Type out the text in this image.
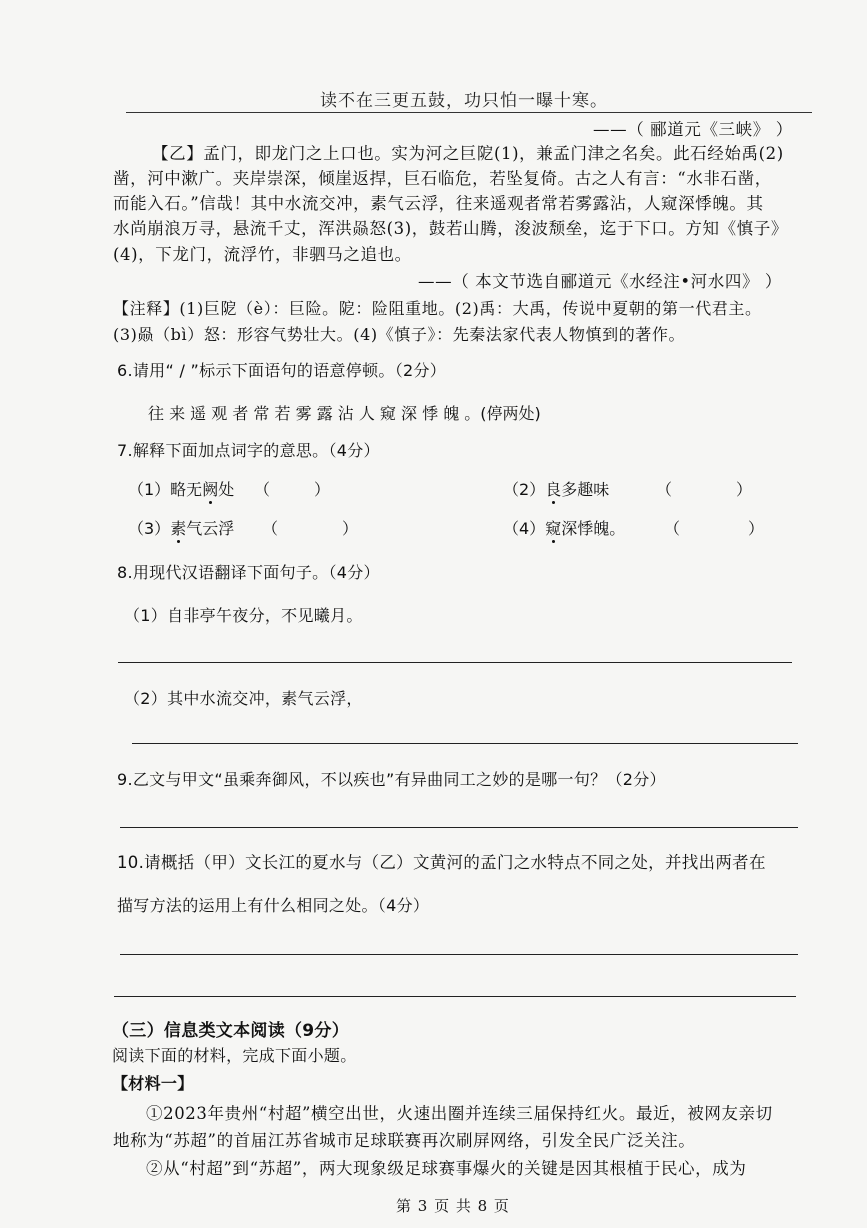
读不在三更五鼓，功只怕一曝十寒。
——（ 郦道元《三峡》 ）
【乙】孟门，即龙门之上口也。实为河之巨阸(1)，兼孟门津之名矣。此石经始禹(2)
凿，河中漱广。夹岸崇深，倾崖返捍，巨石临危，若坠复倚。古之人有言：“水非石凿，
而能入石。”信哉！其中水流交冲，素气云浮，往来遥观者常若雾露沾，人窥深悸魄。其
水尚崩浪万寻，悬流千丈，浑洪赑怒(3)，鼓若山腾，浚波颓垒，迄于下口。方知《慎子》
(4)，下龙门，流浮竹，非驷马之追也。
——（ 本文节选自郦道元《水经注•河水四》 ）
【注释】(1)巨阸（è）：巨险。阸：险阻重地。(2)禹：大禹，传说中夏朝的第一代君主。
(3)赑（bì）怒：形容气势壮大。(4)《慎子》：先秦法家代表人物慎到的著作。
6.请用“ / ”标示下面语句的语意停顿。（2分）
往 来 遥 观 者 常 若 雾 露 沾 人 窥 深 悸 魄 。(停两处)
7.解释下面加点词字的意思。（4分）
（1）略无阙处 （	）	（2）良多趣味	（	）
（3）素气云浮 （	）	（4）窥深悸魄。 （	）
8.用现代汉语翻译下面句子。（4分）
（1）自非亭午夜分，不见曦月。
（2）其中水流交冲，素气云浮，
9.乙文与甲文“虽乘奔御风，不以疾也”有异曲同工之妙的是哪一句？（2分）
10.请概括（甲）文长江的夏水与（乙）文黄河的孟门之水特点不同之处，并找出两者在
描写方法的运用上有什么相同之处。（4分）
（三）信息类文本阅读（9分）
阅读下面的材料，完成下面小题。
【材料一】
①2023年贵州“村超”横空出世，火速出圈并连续三届保持红火。最近，被网友亲切
地称为“苏超”的首届江苏省城市足球联赛再次刷屏网络，引发全民广泛关注。
②从“村超”到“苏超”，两大现象级足球赛事爆火的关键是因其根植于民心，成为
第 3 页 共 8 页
